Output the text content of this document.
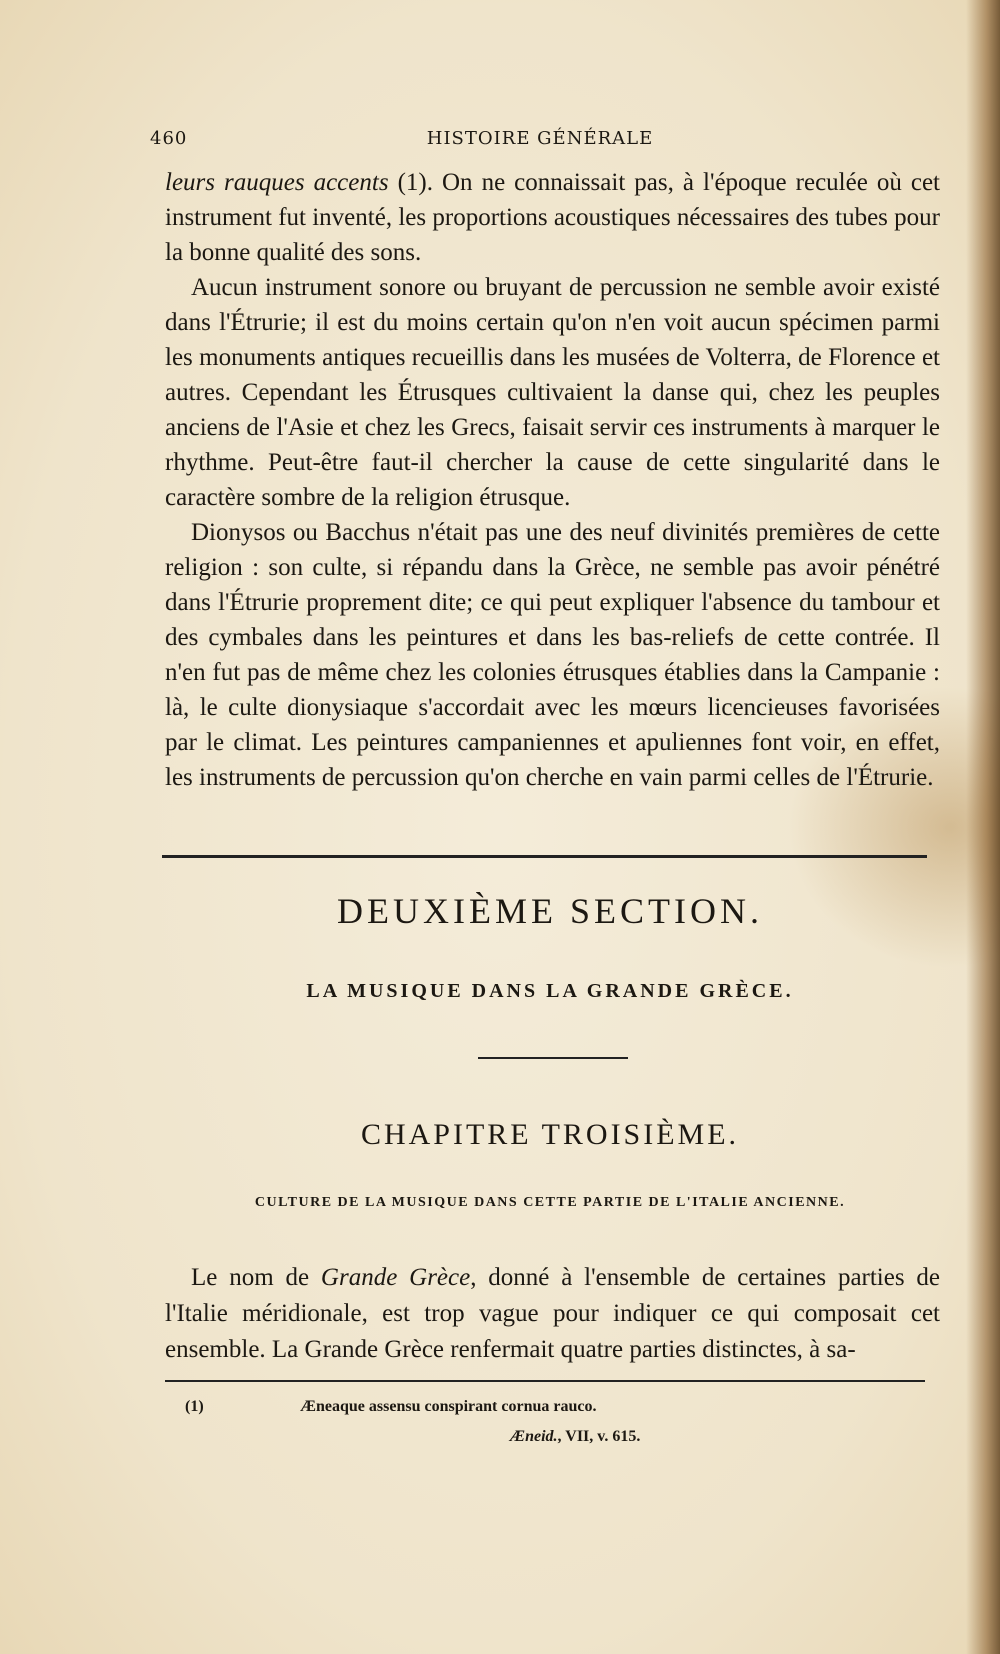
460	HISTOIRE GÉNÉRALE

leurs rauques accents (1). On ne connaissait pas, à l'époque reculée où cet instrument fut inventé, les proportions acoustiques nécessaires des tubes pour la bonne qualité des sons.

Aucun instrument sonore ou bruyant de percussion ne semble avoir existé dans l'Étrurie; il est du moins certain qu'on n'en voit aucun spécimen parmi les monuments antiques recueillis dans les musées de Volterra, de Florence et autres. Cependant les Étrusques cultivaient la danse qui, chez les peuples anciens de l'Asie et chez les Grecs, faisait servir ces instruments à marquer le rhythme. Peut-être faut-il chercher la cause de cette singularité dans le caractère sombre de la religion étrusque.

Dionysos ou Bacchus n'était pas une des neuf divinités premières de cette religion : son culte, si répandu dans la Grèce, ne semble pas avoir pénétré dans l'Étrurie proprement dite; ce qui peut expliquer l'absence du tambour et des cymbales dans les peintures et dans les bas-reliefs de cette contrée. Il n'en fut pas de même chez les colonies étrusques établies dans la Campanie : là, le culte dionysiaque s'accordait avec les mœurs licencieuses favorisées par le climat. Les peintures campaniennes et apuliennes font voir, en effet, les instruments de percussion qu'on cherche en vain parmi celles de l'Étrurie.

DEUXIÈME SECTION.
LA MUSIQUE DANS LA GRANDE GRÈCE.
CHAPITRE TROISIÈME.
CULTURE DE LA MUSIQUE DANS CETTE PARTIE DE L'ITALIE ANCIENNE.

Le nom de Grande Grèce, donné à l'ensemble de certaines parties de l'Italie méridionale, est trop vague pour indiquer ce qui composait cet ensemble. La Grande Grèce renfermait quatre parties distinctes, à sa-

(1)	Æneaque assensu conspirant cornua rauco.
Æneid., VII, v. 615.
